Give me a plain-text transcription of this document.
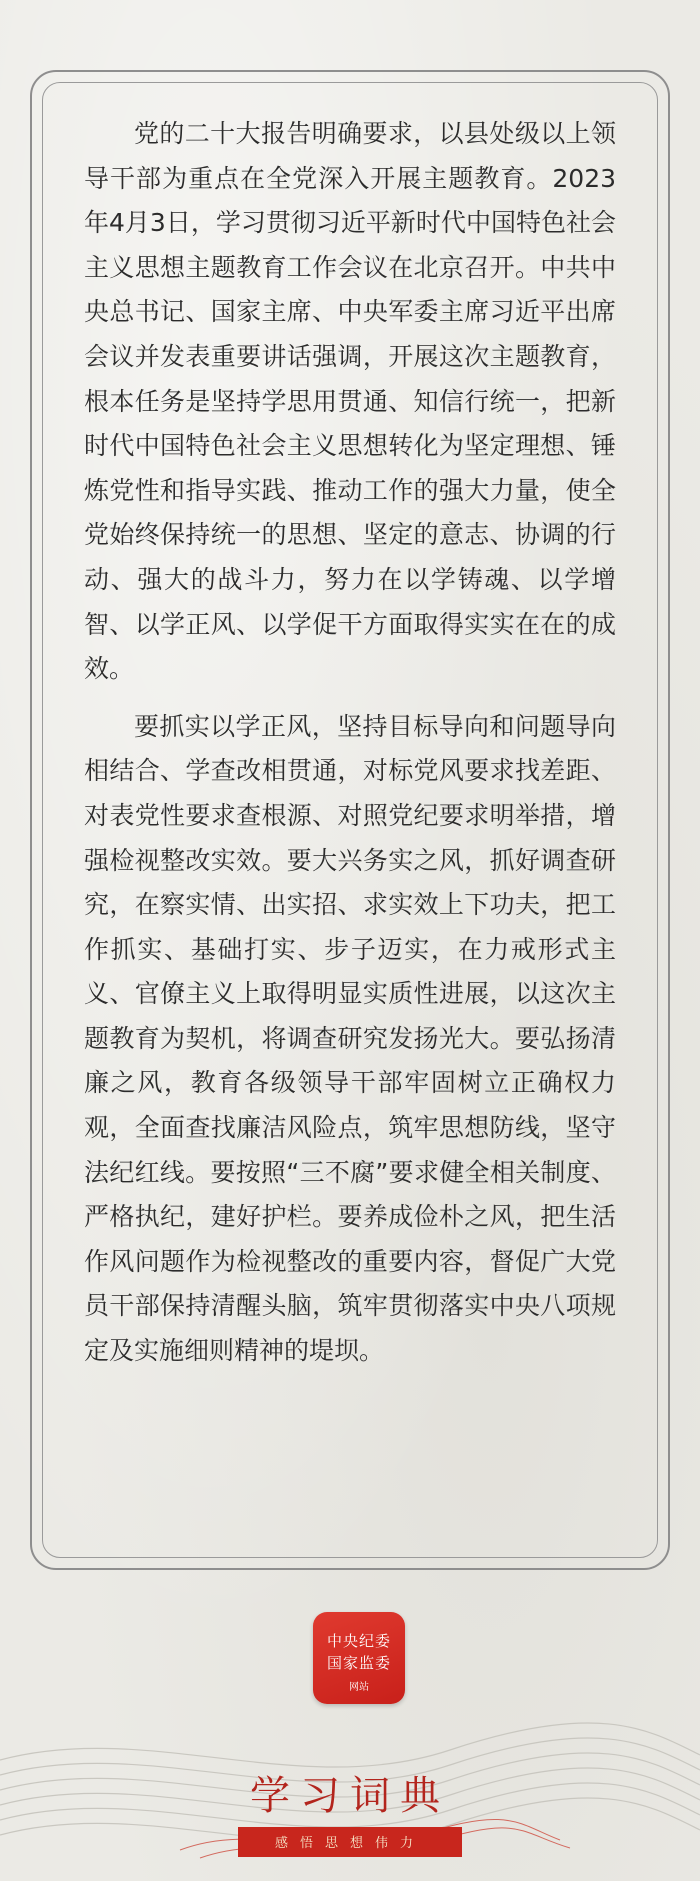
党的二十大报告明确要求，以县处级以上领导干部为重点在全党深入开展主题教育。2023年4月3日，学习贯彻习近平新时代中国特色社会主义思想主题教育工作会议在北京召开。中共中央总书记、国家主席、中央军委主席习近平出席会议并发表重要讲话强调，开展这次主题教育，根本任务是坚持学思用贯通、知信行统一，把新时代中国特色社会主义思想转化为坚定理想、锤炼党性和指导实践、推动工作的强大力量，使全党始终保持统一的思想、坚定的意志、协调的行动、强大的战斗力，努力在以学铸魂、以学增智、以学正风、以学促干方面取得实实在在的成效。

要抓实以学正风，坚持目标导向和问题导向相结合、学查改相贯通，对标党风要求找差距、对表党性要求查根源、对照党纪要求明举措，增强检视整改实效。要大兴务实之风，抓好调查研究，在察实情、出实招、求实效上下功夫，把工作抓实、基础打实、步子迈实，在力戒形式主义、官僚主义上取得明显实质性进展，以这次主题教育为契机，将调查研究发扬光大。要弘扬清廉之风，教育各级领导干部牢固树立正确权力观，全面查找廉洁风险点，筑牢思想防线，坚守法纪红线。要按照“三不腐”要求健全相关制度、严格执纪，建好护栏。要养成俭朴之风，把生活作风问题作为检视整改的重要内容，督促广大党员干部保持清醒头脑，筑牢贯彻落实中央八项规定及实施细则精神的堤坝。

中央纪委
国家监委
网站
学习词典
感悟思想伟力
